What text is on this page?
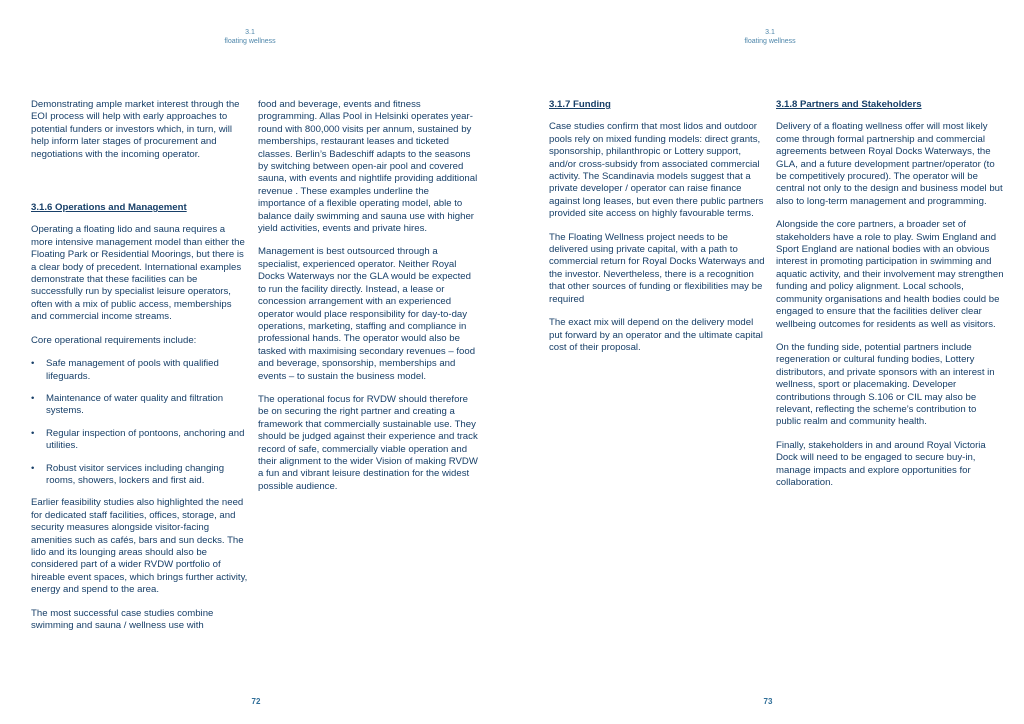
3.1
floating wellness

Demonstrating ample market interest through the EOI process will help with early approaches to potential funders or investors which, in turn, will help inform later stages of procurement and negotiations with the incoming operator.

3.1.6 Operations and Management

Operating a floating lido and sauna requires a more intensive management model than either the Floating Park or Residential Moorings, but there is a clear body of precedent. International examples demonstrate that these facilities can be successfully run by specialist leisure operators, often with a mix of public access, memberships and commercial income streams.

Core operational requirements include:

• Safe management of pools with qualified lifeguards.
• Maintenance of water quality and filtration systems.
• Regular inspection of pontoons, anchoring and utilities.
• Robust visitor services including changing rooms, showers, lockers and first aid.

Earlier feasibility studies also highlighted the need for dedicated staff facilities, offices, storage, and security measures alongside visitor-facing amenities such as cafés, bars and sun decks. The lido and its lounging areas should also be considered part of a wider RVDW portfolio of hireable event spaces, which brings further activity, energy and spend to the area.

The most successful case studies combine swimming and sauna / wellness use with

food and beverage, events and fitness programming. Allas Pool in Helsinki operates year-round with 800,000 visits per annum, sustained by memberships, restaurant leases and ticketed classes. Berlin’s Badeschiff adapts to the seasons by switching between open-air pool and covered sauna, with events and nightlife providing additional revenue . These examples underline the importance of a flexible operating model, able to balance daily swimming and sauna use with higher yield activities, events and private hires.

Management is best outsourced through a specialist, experienced operator. Neither Royal Docks Waterways nor the GLA would be expected to run the facility directly. Instead, a lease or concession arrangement with an experienced operator would place responsibility for day-to-day operations, marketing, staffing and compliance in professional hands. The operator would also be tasked with maximising secondary revenues – food and beverage, sponsorship, memberships and events – to sustain the business model.

The operational focus for RVDW should therefore be on securing the right partner and creating a framework that commercially sustainable use. They should be judged against their experience and track record of safe, commercially viable operation and their alignment to the wider Vision of making RVDW a fun and vibrant leisure destination for the widest possible audience.

72
3.1
floating wellness
3.1.7 Funding

Case studies confirm that most lidos and outdoor pools rely on mixed funding models: direct grants, sponsorship, philanthropic or Lottery support, and/or cross-subsidy from associated commercial activity. The Scandinavia models suggest that a private developer / operator can raise finance against long leases, but even there public partners provided site access on highly favourable terms.

The Floating Wellness project needs to be delivered using private capital, with a path to commercial return for Royal Docks Waterways and the investor. Nevertheless, there is a recognition that other sources of funding or flexibilities may be required

The exact mix will depend on the delivery model put forward by an operator and the ultimate capital cost of their proposal.

3.1.8 Partners and Stakeholders

Delivery of a floating wellness offer will most likely come through formal partnership and commercial agreements between Royal Docks Waterways, the GLA, and a future development partner/operator (to be competitively procured). The operator will be central not only to the design and business model but also to long-term management and programming.

Alongside the core partners, a broader set of stakeholders have a role to play. Swim England and Sport England are national bodies with an obvious interest in promoting participation in swimming and aquatic activity, and their involvement may strengthen funding and policy alignment. Local schools, community organisations and health bodies could be engaged to ensure that the facilities deliver clear wellbeing outcomes for residents as well as visitors.

On the funding side, potential partners include regeneration or cultural funding bodies, Lottery distributors, and private sponsors with an interest in wellness, sport or placemaking. Developer contributions through S.106 or CIL may also be relevant, reflecting the scheme’s contribution to public realm and community health.

Finally, stakeholders in and around Royal Victoria Dock will need to be engaged to secure buy-in, manage impacts and explore opportunities for collaboration.

73
